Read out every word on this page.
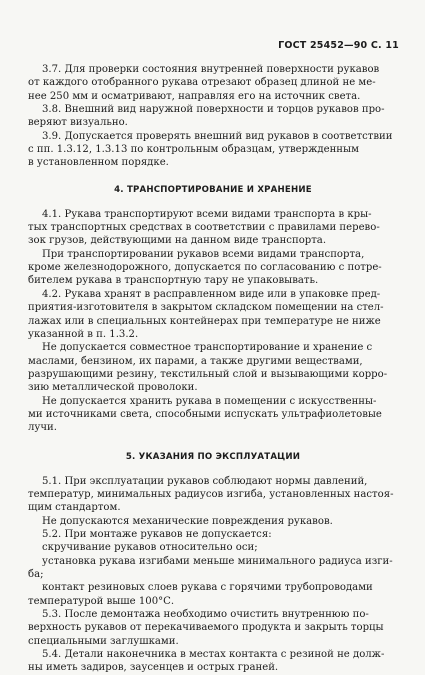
ГОСТ 25452—90 С. 11

3.7. Для проверки состояния внутренней поверхности рукавов

от каждого отобранного рукава отрезают образец длиной не ме-

нее 250 мм и осматривают, направляя его на источник света.

3.8. Внешний вид наружной поверхности и торцов рукавов про-

веряют визуально.

3.9. Допускается проверять внешний вид рукавов в соответствии

с пп. 1.3.12, 1.3.13 по контрольным образцам, утвержденным

в установленном порядке.

4. ТРАНСПОРТИРОВАНИЕ И ХРАНЕНИЕ

4.1. Рукава транспортируют всеми видами транспорта в кры-

тых транспортных средствах в соответствии с правилами перево-

зок грузов, действующими на данном виде транспорта.

При транспортировании рукавов всеми видами транспорта,

кроме железнодорожного, допускается по согласованию с потре-

бителем рукава в транспортную тару не упаковывать.

4.2. Рукава хранят в расправленном виде или в упаковке пред-

приятия-изготовителя в закрытом складском помещении на стел-

лажах или в специальных контейнерах при температуре не ниже

указанной в п. 1.3.2.

Не допускается совместное транспортирование и хранение с

маслами, бензином, их парами, а также другими веществами,

разрушающими резину, текстильный слой и вызывающими корро-

зию металлической проволоки.

Не допускается хранить рукава в помещении с искусственны-

ми источниками света, способными испускать ультрафиолетовые

лучи.

5. УКАЗАНИЯ ПО ЭКСПЛУАТАЦИИ

5.1. При эксплуатации рукавов соблюдают нормы давлений,

температур, минимальных радиусов изгиба, установленных настоя-

щим стандартом.

Не допускаются механические повреждения рукавов.

5.2. При монтаже рукавов не допускается:

скручивание рукавов относительно оси;

установка рукава изгибами меньше минимального радиуса изги-

ба;

контакт резиновых слоев рукава с горячими трубопроводами

температурой выше 100°С.

5.3. После демонтажа необходимо очистить внутреннюю по-

верхность рукавов от перекачиваемого продукта и закрыть торцы

специальными заглушками.

5.4. Детали наконечника в местах контакта с резиной не долж-

ны иметь задиров, заусенцев и острых граней.
